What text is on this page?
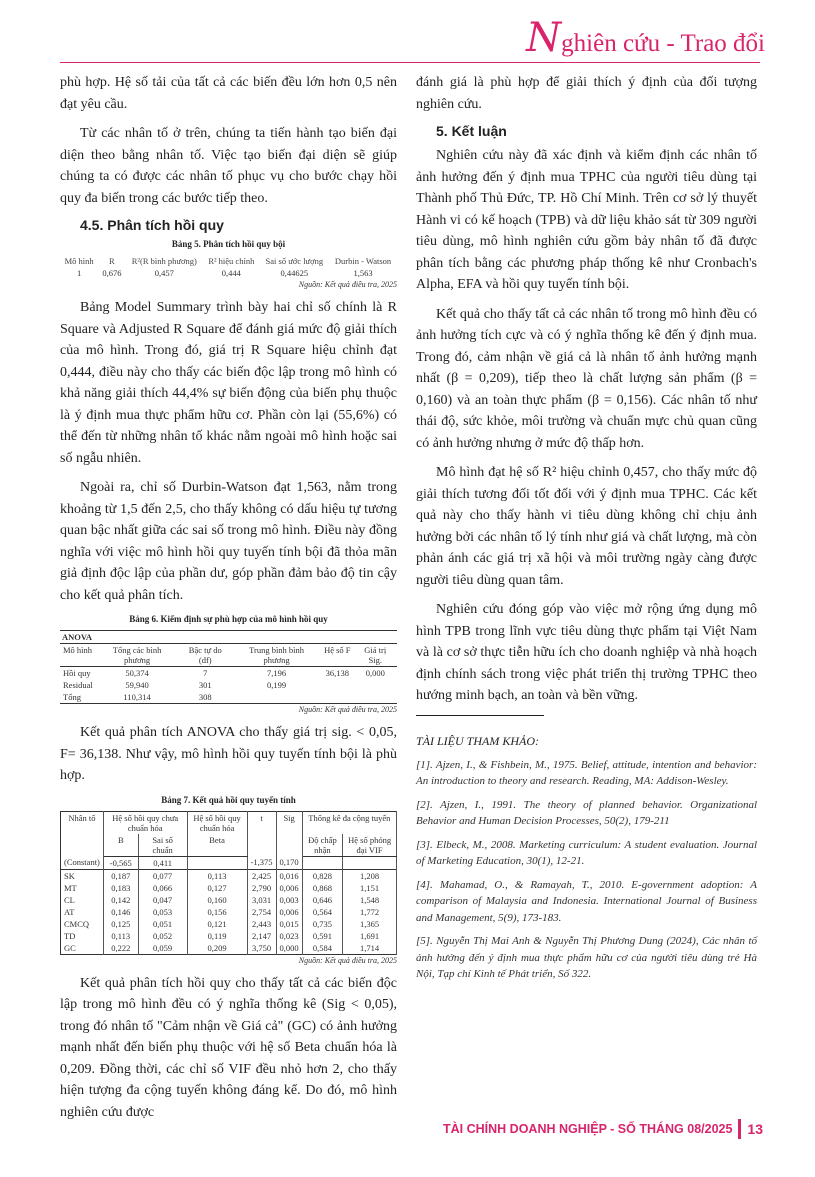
Nghiên cứu - Trao đổi

phù hợp. Hệ số tải của tất cả các biến đều lớn hơn 0,5 nên đạt yêu cầu.

Từ các nhân tố ở trên, chúng ta tiến hành tạo biến đại diện theo bằng nhân tố. Việc tạo biến đại diện sẽ giúp chúng ta có được các nhân tố phục vụ cho bước chạy hồi quy đa biến trong các bước tiếp theo.

4.5. Phân tích hồi quy
Bảng 5. Phân tích hồi quy bội
Mô hình	R	R²(R bình phương)	R² hiệu chỉnh	Sai số ước lượng	Durbin - Watson
1	0,676	0,457	0,444	0,44625	1,563
Nguồn: Kết quả điều tra, 2025

Bảng Model Summary trình bày hai chỉ số chính là R Square và Adjusted R Square để đánh giá mức độ giải thích của mô hình. Trong đó, giá trị R Square hiệu chỉnh đạt 0,444, điều này cho thấy các biến độc lập trong mô hình có khả năng giải thích 44,4% sự biến động của biến phụ thuộc là ý định mua thực phẩm hữu cơ. Phần còn lại (55,6%) có thể đến từ những nhân tố khác nằm ngoài mô hình hoặc sai số ngẫu nhiên.

Ngoài ra, chỉ số Durbin-Watson đạt 1,563, nằm trong khoảng từ 1,5 đến 2,5, cho thấy không có dấu hiệu tự tương quan bậc nhất giữa các sai số trong mô hình. Điều này đồng nghĩa với việc mô hình hồi quy tuyến tính bội đã thỏa mãn giả định độc lập của phần dư, góp phần đảm bảo độ tin cậy cho kết quả phân tích.

Bảng 6. Kiểm định sự phù hợp của mô hình hồi quy
ANOVA					
Mô hình	Tổng các bình phương	Bậc tự do (df)	Trung bình bình phương	Hệ số F	Giá trị Sig.
Hồi quy	50,374	7	7,196	36,138	0,000
Residual	59,940	301	0,199		
Tổng	110,314	308			
Nguồn: Kết quả điều tra, 2025

Kết quả phân tích ANOVA cho thấy giá trị sig. < 0,05, F= 36,138. Như vậy, mô hình hồi quy tuyến tính bội là phù hợp.

Bảng 7. Kết quả hồi quy tuyến tính
Nhân tố	Hệ số hồi quy chưa chuẩn hóa		Hệ số hồi quy chuẩn hóa	t	Sig	Thống kê đa cộng tuyến	
	B	Sai số chuẩn	Beta			Độ chấp nhận	Hệ số phóng đại VIF
(Constant)	-0,565	0,411		-1,375	0,170		
SK	0,187	0,077	0,113	2,425	0,016	0,828	1,208
MT	0,183	0,066	0,127	2,790	0,006	0,868	1,151
CL	0,142	0,047	0,160	3,031	0,003	0,646	1,548
AT	0,146	0,053	0,156	2,754	0,006	0,564	1,772
CMCQ	0,125	0,051	0,121	2,443	0,015	0,735	1,365
TD	0,113	0,052	0,119	2,147	0,023	0,591	1,691
GC	0,222	0,059	0,209	3,750	0,000	0,584	1,714
Nguồn: Kết quả điều tra, 2025

Kết quả phân tích hồi quy cho thấy tất cả các biến độc lập trong mô hình đều có ý nghĩa thống kê (Sig < 0,05), trong đó nhân tố "Cảm nhận về Giá cả" (GC) có ảnh hưởng mạnh nhất đến biến phụ thuộc với hệ số Beta chuẩn hóa là 0,209. Đồng thời, các chỉ số VIF đều nhỏ hơn 2, cho thấy hiện tượng đa cộng tuyến không đáng kể. Do đó, mô hình nghiên cứu được

đánh giá là phù hợp để giải thích ý định của đối tượng nghiên cứu.

5. Kết luận

Nghiên cứu này đã xác định và kiểm định các nhân tố ảnh hưởng đến ý định mua TPHC của người tiêu dùng tại Thành phố Thủ Đức, TP. Hồ Chí Minh. Trên cơ sở lý thuyết Hành vi có kế hoạch (TPB) và dữ liệu khảo sát từ 309 người tiêu dùng, mô hình nghiên cứu gồm bảy nhân tố đã được phân tích bằng các phương pháp thống kê như Cronbach's Alpha, EFA và hồi quy tuyến tính bội.

Kết quả cho thấy tất cả các nhân tố trong mô hình đều có ảnh hưởng tích cực và có ý nghĩa thống kê đến ý định mua. Trong đó, cảm nhận về giá cả là nhân tố ảnh hưởng mạnh nhất (β = 0,209), tiếp theo là chất lượng sản phẩm (β = 0,160) và an toàn thực phẩm (β = 0,156). Các nhân tố như thái độ, sức khỏe, môi trường và chuẩn mực chủ quan cũng có ảnh hưởng nhưng ở mức độ thấp hơn.

Mô hình đạt hệ số R² hiệu chỉnh 0,457, cho thấy mức độ giải thích tương đối tốt đối với ý định mua TPHC. Các kết quả này cho thấy hành vi tiêu dùng không chỉ chịu ảnh hưởng bởi các nhân tố lý tính như giá và chất lượng, mà còn phản ánh các giá trị xã hội và môi trường ngày càng được người tiêu dùng quan tâm.

Nghiên cứu đóng góp vào việc mở rộng ứng dụng mô hình TPB trong lĩnh vực tiêu dùng thực phẩm tại Việt Nam và là cơ sở thực tiễn hữu ích cho doanh nghiệp và nhà hoạch định chính sách trong việc phát triển thị trường TPHC theo hướng minh bạch, an toàn và bền vững.

TÀI LIỆU THAM KHẢO:
[1]. Ajzen, I., & Fishbein, M., 1975. Belief, attitude, intention and behavior: An introduction to theory and research. Reading, MA: Addison-Wesley.
[2]. Ajzen, I., 1991. The theory of planned behavior. Organizational Behavior and Human Decision Processes, 50(2), 179-211
[3]. Elbeck, M., 2008. Marketing curriculum: A student evaluation. Journal of Marketing Education, 30(1), 12-21.
[4]. Mahamad, O., & Ramayah, T., 2010. E-government adoption: A comparison of Malaysia and Indonesia. International Journal of Business and Management, 5(9), 173-183.
[5]. Nguyễn Thị Mai Anh & Nguyễn Thị Phương Dung (2024), Các nhân tố ảnh hưởng đến ý định mua thực phẩm hữu cơ của người tiêu dùng trẻ Hà Nội, Tạp chí Kinh tế Phát triển, Số 322.
TÀI CHÍNH DOANH NGHIỆP - SỐ THÁNG 08/2025 13
